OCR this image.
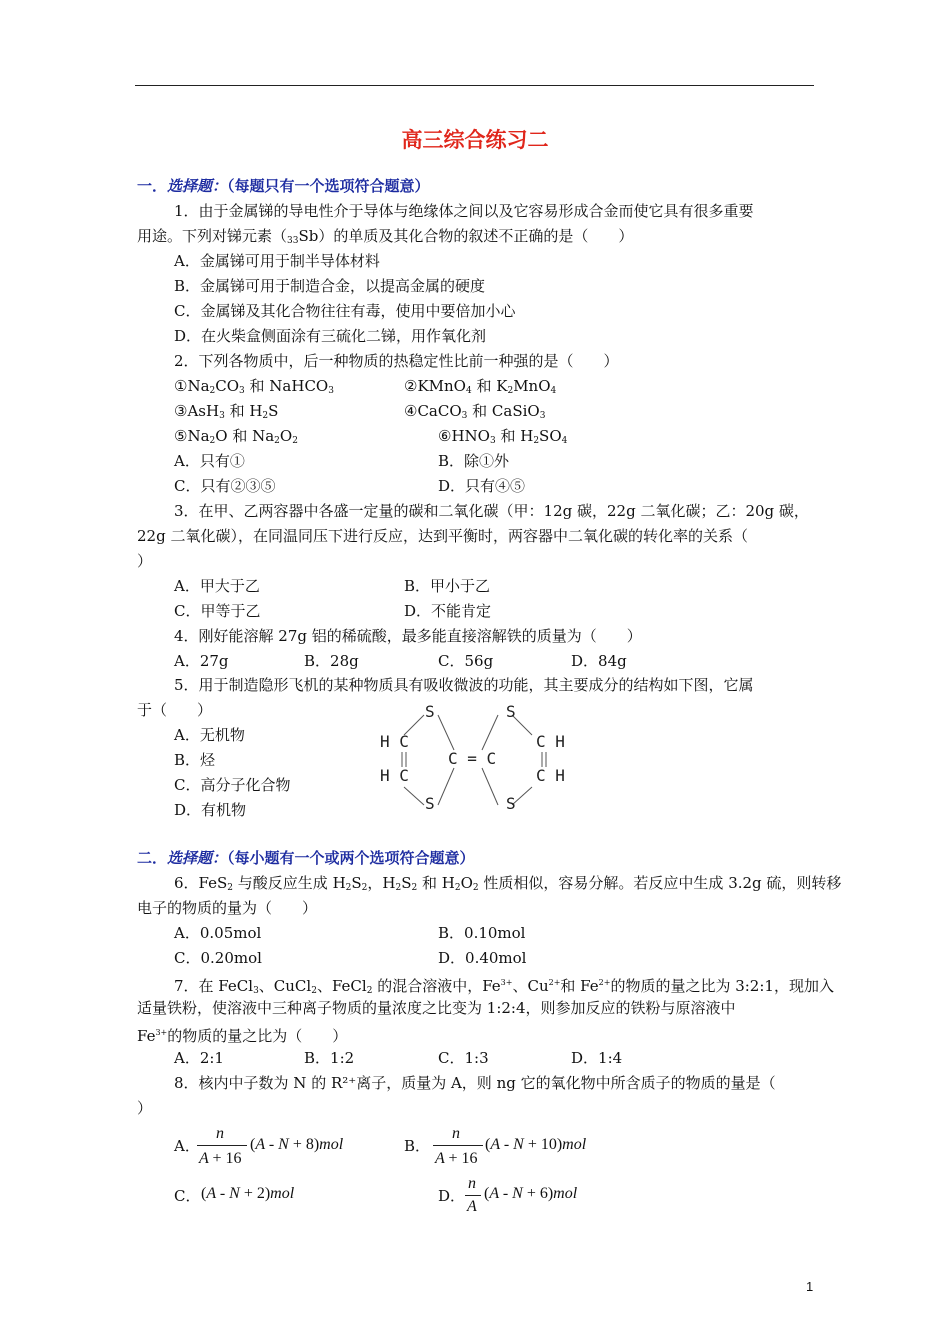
高三综合练习二
一．选择题：（每题只有一个选项符合题意）
1．由于金属锑的导电性介于导体与绝缘体之间以及它容易形成合金而使它具有很多重要
用途。下列对锑元素$(_{33}Sb)$的单质及其化合物的叙述不正确的是（　　）
A．金属锑可用于制半导体材料
B．金属锑可用于制造合金，以提高金属的硬度
C．金属锑及其化合物往往有毒，使用中要倍加小心
D．在火柴盒侧面涂有三硫化二锑，用作氧化剂
2．下列各物质中，后一种物质的热稳定性比前一种强的是（　　）
$①Na_2CO_3$ 和 NaHCO$_3$	②KMnO$_4$ 和 $K_2MnO_4$
③AsH$_3$ 和 $H_2S$	④CaCO$_3$ 和 CaSiO$_3$
$⑤Na_2O$ 和 $Na_2O_2$	$⑥HNO_3$ 和 $H_2SO_4$
A．只有①	B．除①外
C．只有②③⑤	D．只有④⑤
3．在甲、乙两容器中各盛一定量的碳和二氧化碳（甲：12g 碳，22g 二氧化碳；乙：20g 碳，
22g 二氧化碳），在同温同压下进行反应，达到平衡时，两容器中二氧化碳的转化率的关系（
）
A．甲大于乙	B．甲小于乙
C．甲等于乙	D．不能肯定
4．刚好能溶解 27g 铝的稀硫酸，最多能直接溶解铁的质量为（　　）
A．27g	B．28g	C．56g	D．84g
5．用于制造隐形飞机的某种物质具有吸收微波的功能，其主要成分的结构如下图，它属
于（　　）
A．无机物
B．烃
C．高分子化合物
D．有机物
S	S
H C	C H
C = C
H C	C H
S	S
二．选择题：（每小题有一个或两个选项符合题意）
6．FeS$_2$ 与酸反应生成 $H_2S_2$，$H_2S_2$ 和 $H_2O_2$ 性质相似，容易分解。若反应中生成 3.2g 硫，则转移
电子的物质的量为（　　）
A．0.05mol	B．0.10mol
C．0.20mol	D．0.40mol
7．在 FeCl$_3$、CuCl$_2$、FeCl$_2$ 的混合溶液中，$Fe^{3+}$、$Cu^{2+}$和 $Fe^{2+}$的物质的量之比为 3:2:1，现加入
适量铁粉，使溶液中三种离子物质的量浓度之比变为 1:2:4，则参加反应的铁粉与原溶液中
$Fe^{3+}$的物质的量之比为（　　）
A．2:1	B．1:2	C．1:3	D．1:4
8．核内中子数为 N 的 R²⁺离子，质量为 A，则 ng 它的氧化物中所含质子的物质的量是（
）
A．
n
A + 16
(A - N + 8)mol	B．
n
A + 16
(A - N + 10)mol
C． (A - N + 2)mol	D．
n
A
(A - N + 6)mol
1
